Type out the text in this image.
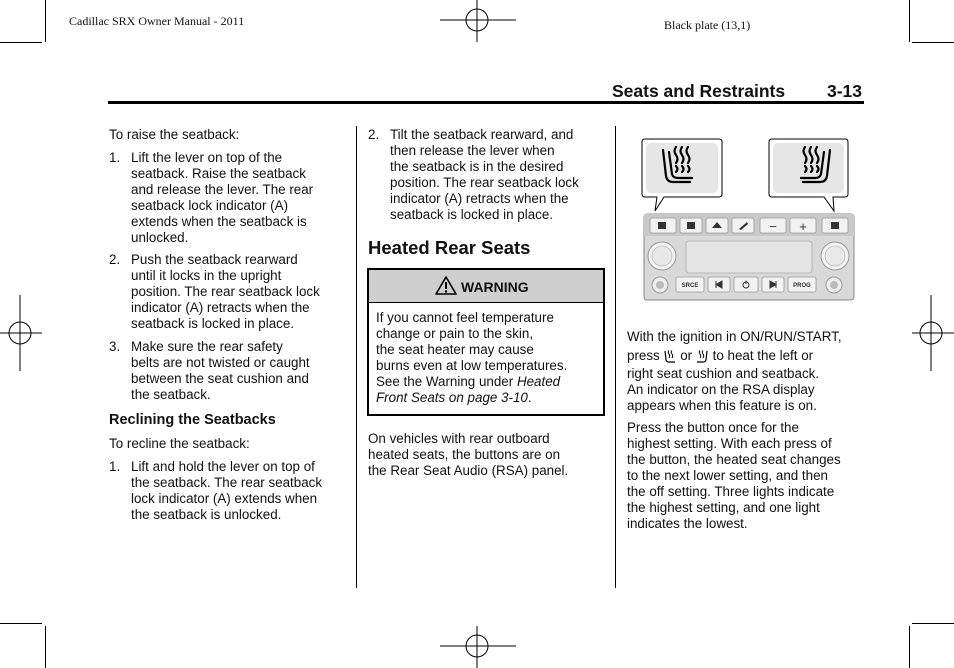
Cadillac SRX Owner Manual - 2011	Black plate (13,1)
Seats and Restraints 3-13
To raise the seatback:
1. Lift the lever on top of the
seatback. Raise the seatback
and release the lever. The rear
seatback lock indicator (A)
extends when the seatback is
unlocked.
2. Push the seatback rearward
until it locks in the upright
position. The rear seatback lock
indicator (A) retracts when the
seatback is locked in place.
3. Make sure the rear safety
belts are not twisted or caught
between the seat cushion and
the seatback.
Reclining the Seatbacks
To recline the seatback:
1. Lift and hold the lever on top of
the seatback. The rear seatback
lock indicator (A) extends when
the seatback is unlocked.
2. Tilt the seatback rearward, and
then release the lever when
the seatback is in the desired
position. The rear seatback lock
indicator (A) retracts when the
seatback is locked in place.
Heated Rear Seats
WARNING
If you cannot feel temperature
change or pain to the skin,
the seat heater may cause
burns even at low temperatures.
See the Warning under Heated
Front Seats on page 3-10.
On vehicles with rear outboard
heated seats, the buttons are on
the Rear Seat Audio (RSA) panel.
− +
SRCE	PROG
With the ignition in ON/RUN/START,
press or to heat the left or
right seat cushion and seatback.
An indicator on the RSA display
appears when this feature is on.
Press the button once for the
highest setting. With each press of
the button, the heated seat changes
to the next lower setting, and then
the off setting. Three lights indicate
the highest setting, and one light
indicates the lowest.
